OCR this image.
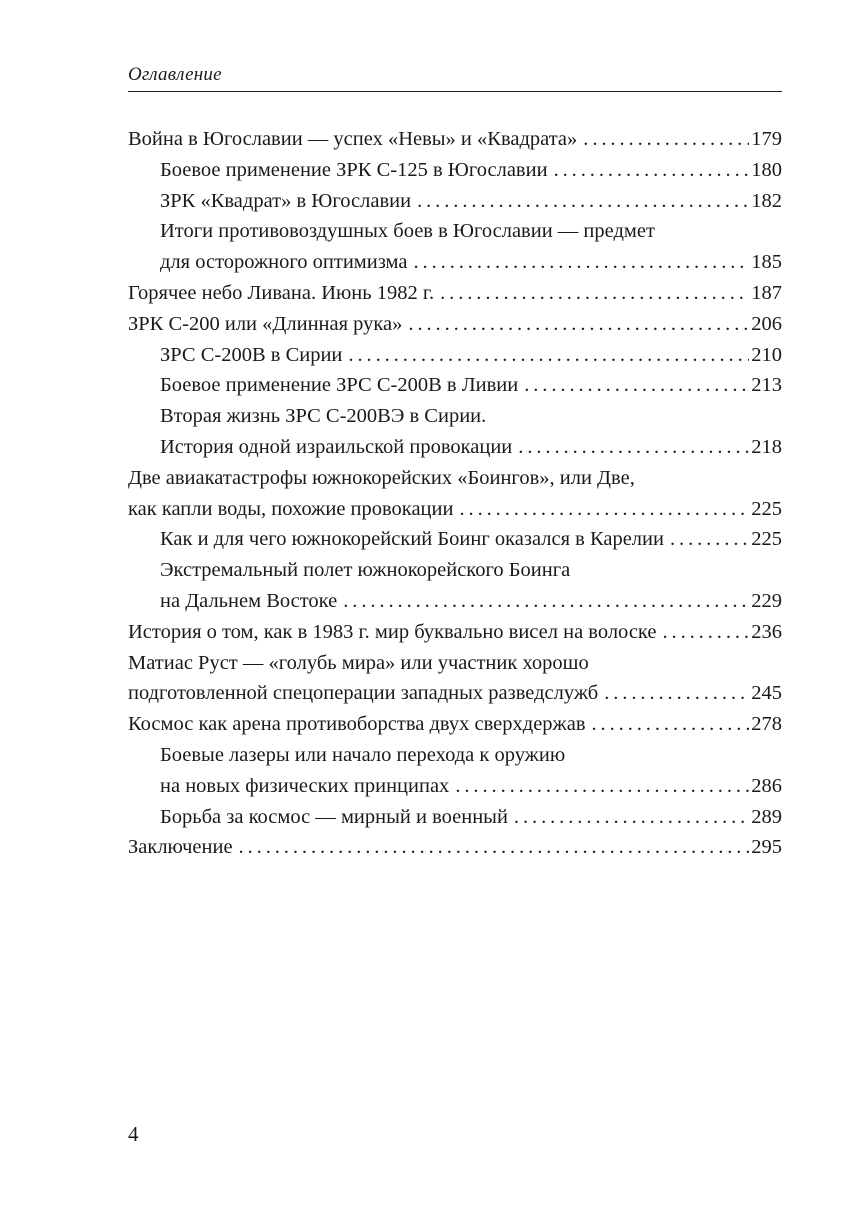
Оглавление
Война в Югославии — успех «Невы» и «Квадрата» . . .	179
Боевое применение ЗРК С-125 в Югославии . . .	180
ЗРК «Квадрат» в Югославии . . .	182
Итоги противовоздушных боев в Югославии — предмет
для осторожного оптимизма . . .	185
Горячее небо Ливана. Июнь 1982 г. . . .	187
ЗРК С-200 или «Длинная рука» . . .	206
ЗРС С-200В в Сирии . . .	210
Боевое применение ЗРС С-200В в Ливии . . .	213
Вторая жизнь ЗРС С-200ВЭ в Сирии.
История одной израильской провокации . . .	218
Две авиакатастрофы южнокорейских «Боингов», или Две,
как капли воды, похожие провокации . . .	225
Как и для чего южнокорейский Боинг оказался в Карелии . . .	225
Экстремальный полет южнокорейского Боинга
на Дальнем Востоке . . .	229
История о том, как в 1983 г. мир буквально висел на волоске . . .	236
Матиас Руст — «голубь мира» или участник хорошо
подготовленной спецоперации западных разведслужб . . .	245
Космос как арена противоборства двух сверхдержав . . .	278
Боевые лазеры или начало перехода к оружию
на новых физических принципах . . .	286
Борьба за космос — мирный и военный . . .	289
Заключение . . .	295
4
